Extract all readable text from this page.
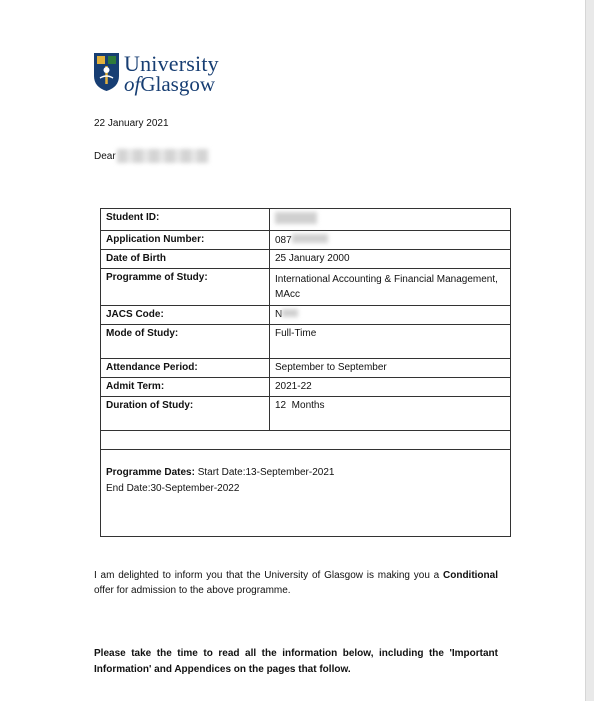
University
ofGlasgow
22 January 2021
Dear
Student ID:	
Application Number:	087
Date of Birth	25 January 2000
Programme of Study:	International Accounting & Financial Management, MAcc
JACS Code:	N
Mode of Study:	Full-Time
Attendance Period:	September to September
Admit Term:	2021-22
Duration of Study:	12  Months

Programme Dates: Start Date:13-September-2021
End Date:30-September-2022	
I am delighted to inform you that the University of Glasgow is making you a Conditional offer for admission to the above programme.
Please take the time to read all the information below, including the 'Important Information' and Appendices on the pages that follow.
